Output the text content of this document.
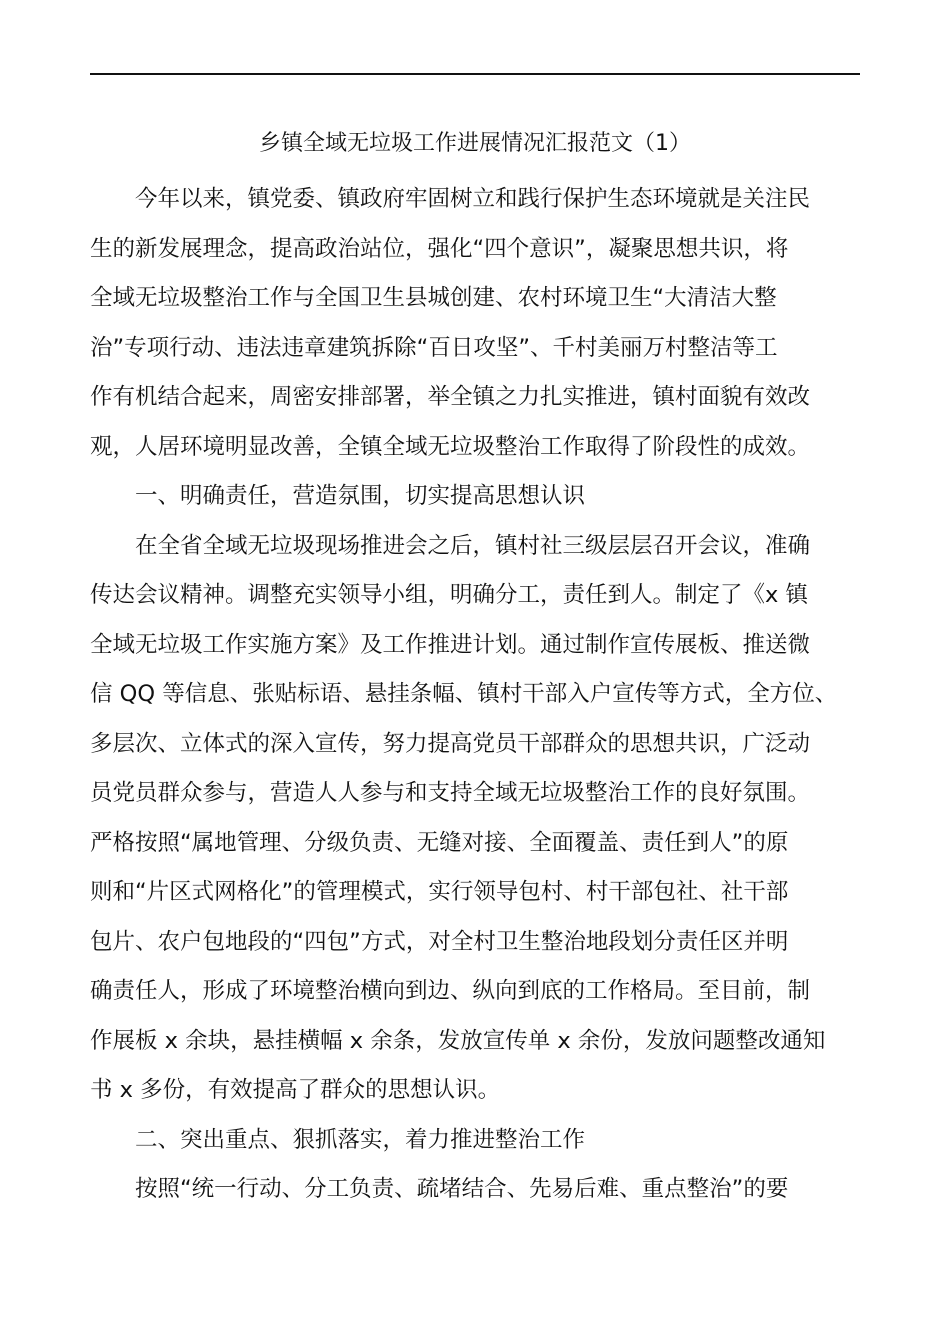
乡镇全域无垃圾工作进展情况汇报范文（1）
　　今年以来，镇党委、镇政府牢固树立和践行保护生态环境就是关注民
生的新发展理念，提高政治站位，强化“四个意识”，凝聚思想共识，将
全域无垃圾整治工作与全国卫生县城创建、农村环境卫生“大清洁大整
治”专项行动、违法违章建筑拆除“百日攻坚”、千村美丽万村整洁等工
作有机结合起来，周密安排部署，举全镇之力扎实推进，镇村面貌有效改
观，人居环境明显改善，全镇全域无垃圾整治工作取得了阶段性的成效。
　　一、明确责任，营造氛围，切实提高思想认识
　　在全省全域无垃圾现场推进会之后，镇村社三级层层召开会议，准确
传达会议精神。调整充实领导小组，明确分工，责任到人。制定了《x 镇
全域无垃圾工作实施方案》及工作推进计划。通过制作宣传展板、推送微
信 QQ 等信息、张贴标语、悬挂条幅、镇村干部入户宣传等方式，全方位、
多层次、立体式的深入宣传，努力提高党员干部群众的思想共识，广泛动
员党员群众参与，营造人人参与和支持全域无垃圾整治工作的良好氛围。
严格按照“属地管理、分级负责、无缝对接、全面覆盖、责任到人”的原
则和“片区式网格化”的管理模式，实行领导包村、村干部包社、社干部
包片、农户包地段的“四包”方式，对全村卫生整治地段划分责任区并明
确责任人，形成了环境整治横向到边、纵向到底的工作格局。至目前，制
作展板 x 余块，悬挂横幅 x 余条，发放宣传单 x 余份，发放问题整改通知
书 x 多份，有效提高了群众的思想认识。
　　二、突出重点、狠抓落实，着力推进整治工作
　　按照“统一行动、分工负责、疏堵结合、先易后难、重点整治”的要
